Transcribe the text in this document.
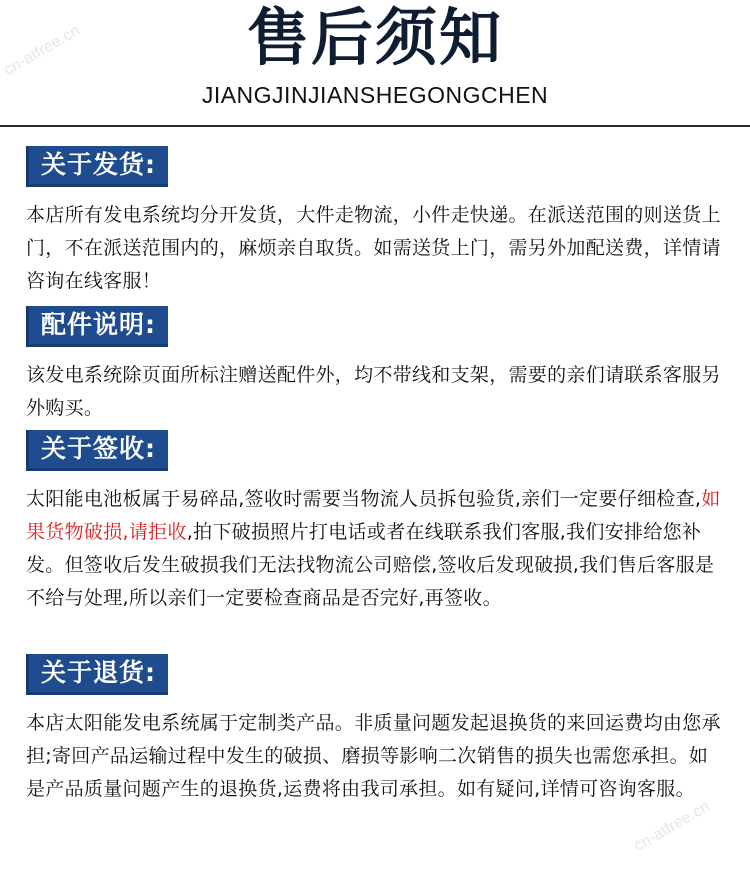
cn-atfree.cn
cn-atfree.cn
售后须知
JIANGJINJIANSHEGONGCHEN
关于发货:

本店所有发电系统均分开发货，大件走物流，小件走快递。在派送范围的则送货上门，不在派送范围内的，麻烦亲自取货。如需送货上门，需另外加配送费，详情请咨询在线客服！

配件说明:

该发电系统除页面所标注赠送配件外，均不带线和支架，需要的亲们请联系客服另外购买。

关于签收:

太阳能电池板属于易碎品,签收时需要当物流人员拆包验货,亲们一定要仔细检查,如果货物破损,请拒收,拍下破损照片打电话或者在线联系我们客服,我们安排给您补发。但签收后发生破损我们无法找物流公司赔偿,签收后发现破损,我们售后客服是不给与处理,所以亲们一定要检查商品是否完好,再签收。

关于退货:

本店太阳能发电系统属于定制类产品。非质量问题发起退换货的来回运费均由您承担;寄回产品运输过程中发生的破损、磨损等影响二次销售的损失也需您承担。如是产品质量问题产生的退换货,运费将由我司承担。如有疑问,详情可咨询客服。
